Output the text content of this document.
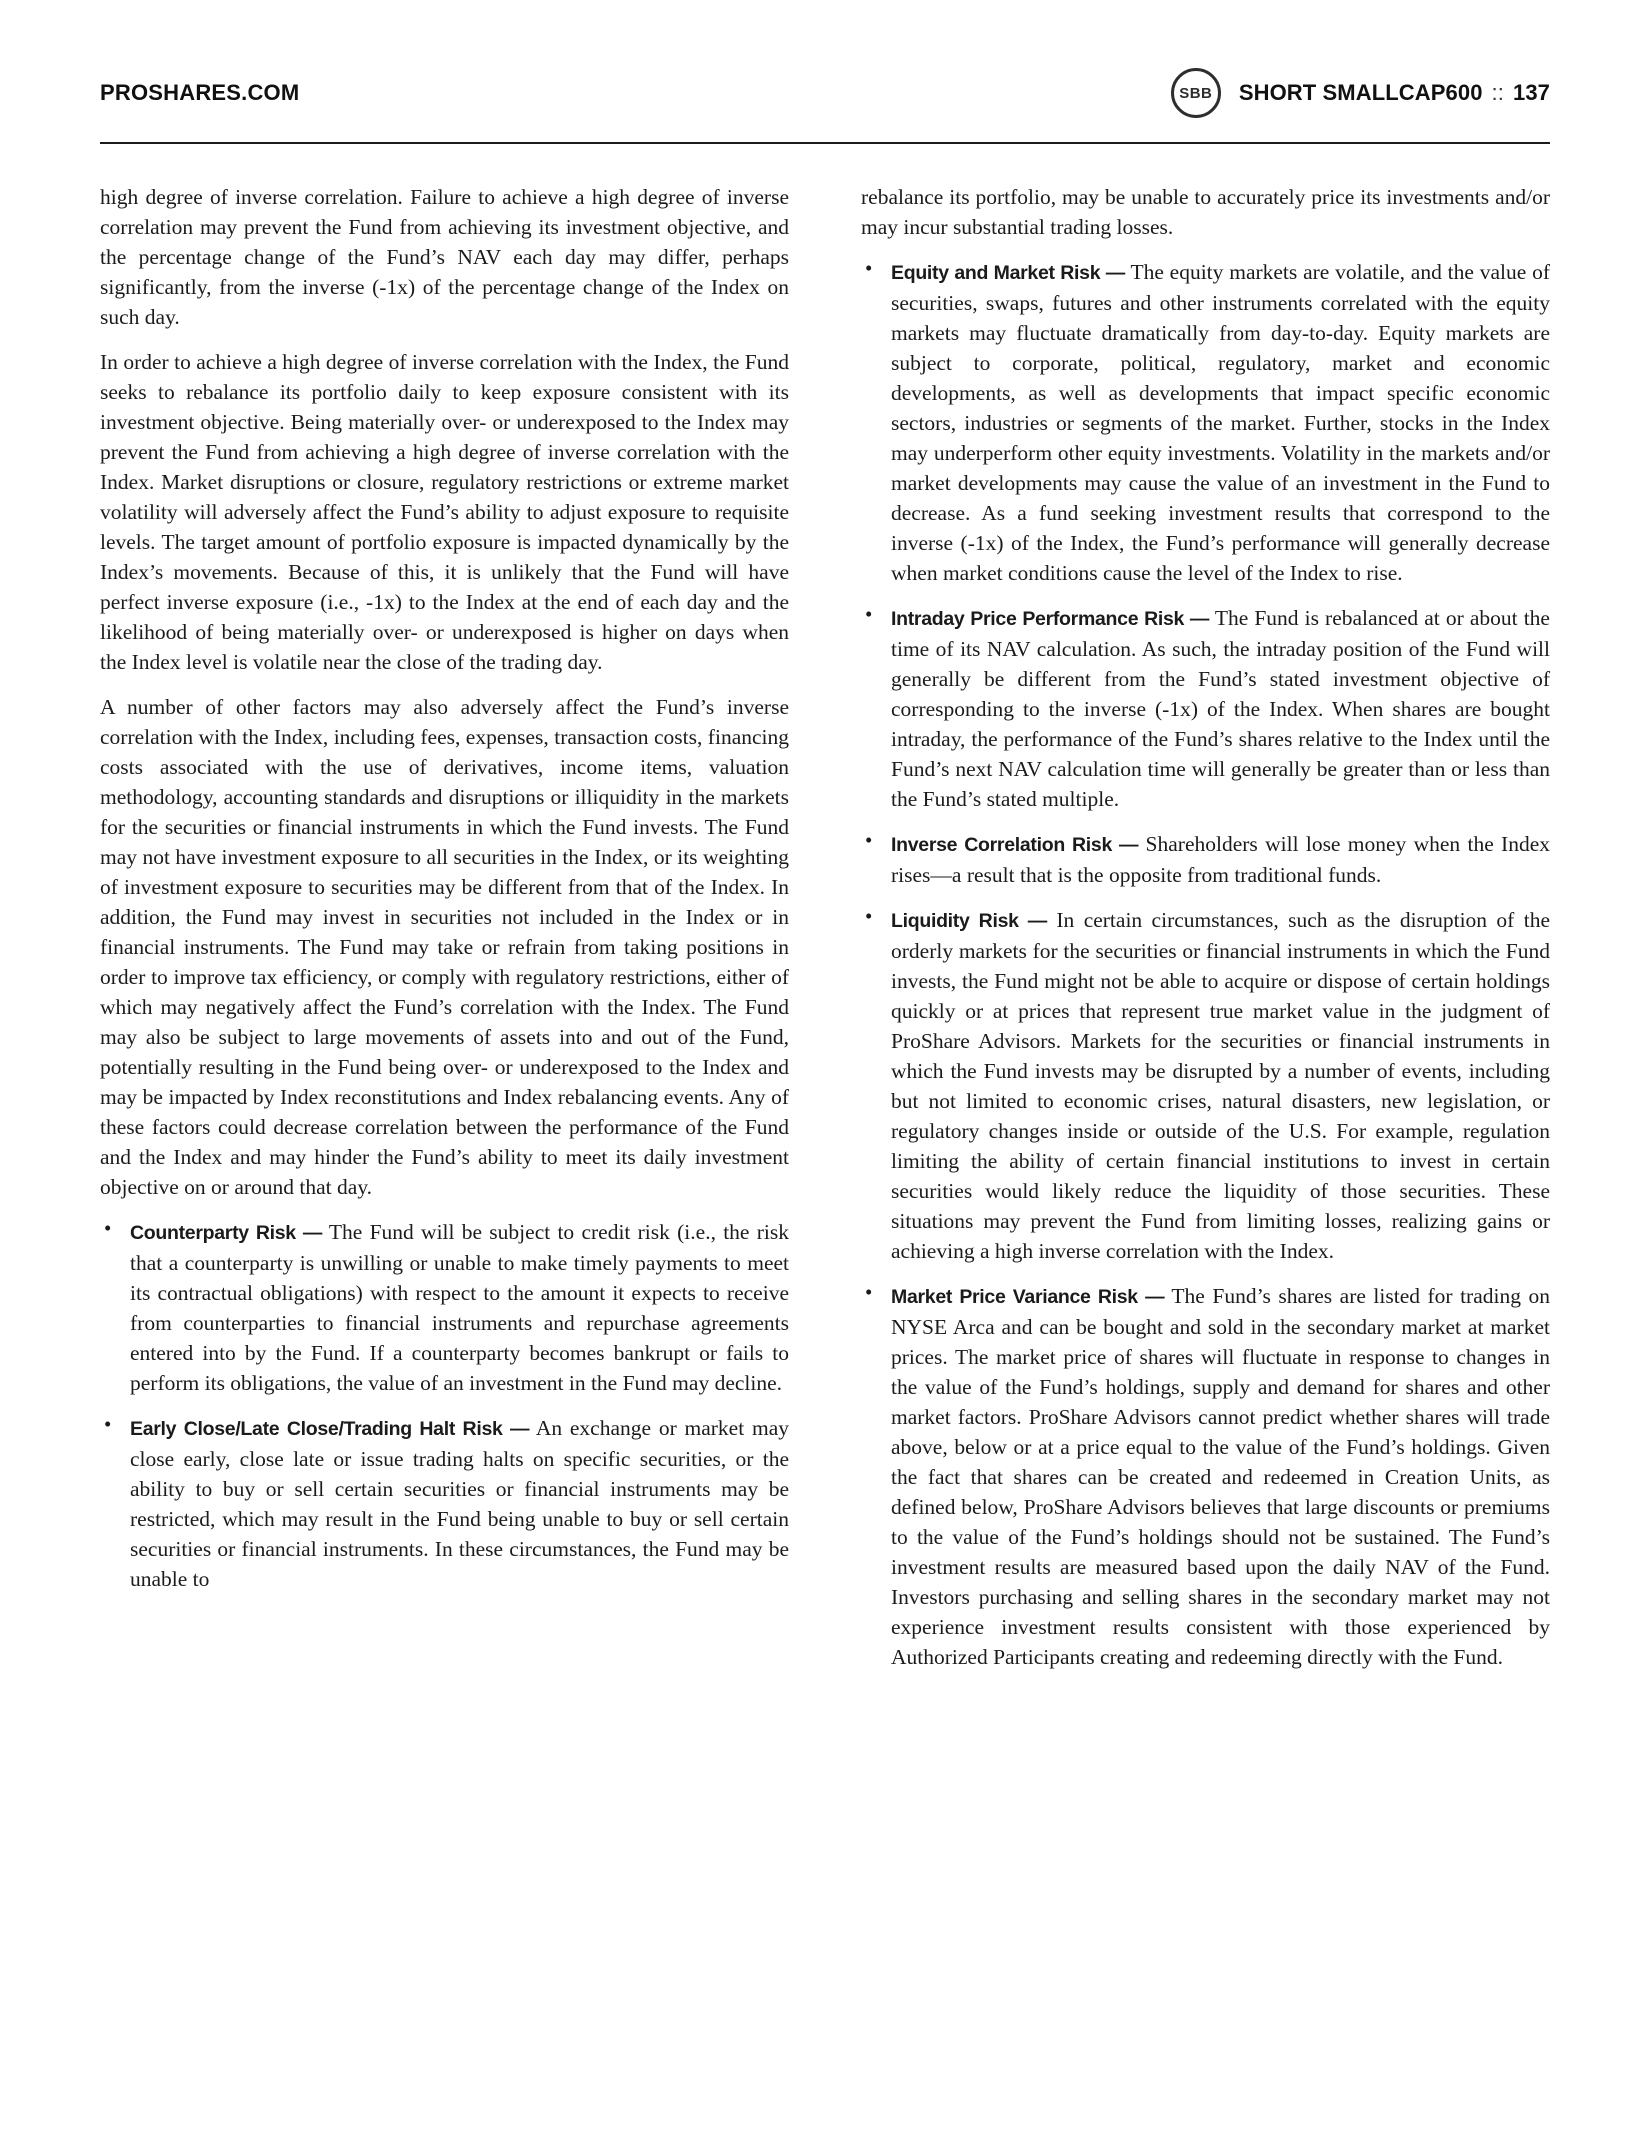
PROSHARES.COM	SBB SHORT SMALLCAP600 :: 137

high degree of inverse correlation. Failure to achieve a high degree of inverse correlation may prevent the Fund from achieving its investment objective, and the percentage change of the Fund’s NAV each day may differ, perhaps significantly, from the inverse (-1x) of the percentage change of the Index on such day.

In order to achieve a high degree of inverse correlation with the Index, the Fund seeks to rebalance its portfolio daily to keep exposure consistent with its investment objective. Being materially over- or underexposed to the Index may prevent the Fund from achieving a high degree of inverse correlation with the Index. Market disruptions or closure, regulatory restrictions or extreme market volatility will adversely affect the Fund’s ability to adjust exposure to requisite levels. The target amount of portfolio exposure is impacted dynamically by the Index’s movements. Because of this, it is unlikely that the Fund will have perfect inverse exposure (i.e., -1x) to the Index at the end of each day and the likelihood of being materially over- or underexposed is higher on days when the Index level is volatile near the close of the trading day.

A number of other factors may also adversely affect the Fund’s inverse correlation with the Index, including fees, expenses, transaction costs, financing costs associated with the use of derivatives, income items, valuation methodology, accounting standards and disruptions or illiquidity in the markets for the securities or financial instruments in which the Fund invests. The Fund may not have investment exposure to all securities in the Index, or its weighting of investment exposure to securities may be different from that of the Index. In addition, the Fund may invest in securities not included in the Index or in financial instruments. The Fund may take or refrain from taking positions in order to improve tax efficiency, or comply with regulatory restrictions, either of which may negatively affect the Fund’s correlation with the Index. The Fund may also be subject to large movements of assets into and out of the Fund, potentially resulting in the Fund being over- or underexposed to the Index and may be impacted by Index reconstitutions and Index rebalancing events. Any of these factors could decrease correlation between the performance of the Fund and the Index and may hinder the Fund’s ability to meet its daily investment objective on or around that day.

• Counterparty Risk — The Fund will be subject to credit risk (i.e., the risk that a counterparty is unwilling or unable to make timely payments to meet its contractual obligations) with respect to the amount it expects to receive from counterparties to financial instruments and repurchase agreements entered into by the Fund. If a counterparty becomes bankrupt or fails to perform its obligations, the value of an investment in the Fund may decline.

• Early Close/Late Close/Trading Halt Risk — An exchange or market may close early, close late or issue trading halts on specific securities, or the ability to buy or sell certain securities or financial instruments may be restricted, which may result in the Fund being unable to buy or sell certain securities or financial instruments. In these circumstances, the Fund may be unable to

rebalance its portfolio, may be unable to accurately price its investments and/or may incur substantial trading losses.

• Equity and Market Risk — The equity markets are volatile, and the value of securities, swaps, futures and other instruments correlated with the equity markets may fluctuate dramatically from day-to-day. Equity markets are subject to corporate, political, regulatory, market and economic developments, as well as developments that impact specific economic sectors, industries or segments of the market. Further, stocks in the Index may underperform other equity investments. Volatility in the markets and/or market developments may cause the value of an investment in the Fund to decrease. As a fund seeking investment results that correspond to the inverse (-1x) of the Index, the Fund’s performance will generally decrease when market conditions cause the level of the Index to rise.

• Intraday Price Performance Risk — The Fund is rebalanced at or about the time of its NAV calculation. As such, the intraday position of the Fund will generally be different from the Fund’s stated investment objective of corresponding to the inverse (-1x) of the Index. When shares are bought intraday, the performance of the Fund’s shares relative to the Index until the Fund’s next NAV calculation time will generally be greater than or less than the Fund’s stated multiple.

• Inverse Correlation Risk — Shareholders will lose money when the Index rises—a result that is the opposite from traditional funds.

• Liquidity Risk — In certain circumstances, such as the disruption of the orderly markets for the securities or financial instruments in which the Fund invests, the Fund might not be able to acquire or dispose of certain holdings quickly or at prices that represent true market value in the judgment of ProShare Advisors. Markets for the securities or financial instruments in which the Fund invests may be disrupted by a number of events, including but not limited to economic crises, natural disasters, new legislation, or regulatory changes inside or outside of the U.S. For example, regulation limiting the ability of certain financial institutions to invest in certain securities would likely reduce the liquidity of those securities. These situations may prevent the Fund from limiting losses, realizing gains or achieving a high inverse correlation with the Index.

• Market Price Variance Risk — The Fund’s shares are listed for trading on NYSE Arca and can be bought and sold in the secondary market at market prices. The market price of shares will fluctuate in response to changes in the value of the Fund’s holdings, supply and demand for shares and other market factors. ProShare Advisors cannot predict whether shares will trade above, below or at a price equal to the value of the Fund’s holdings. Given the fact that shares can be created and redeemed in Creation Units, as defined below, ProShare Advisors believes that large discounts or premiums to the value of the Fund’s holdings should not be sustained. The Fund’s investment results are measured based upon the daily NAV of the Fund. Investors purchasing and selling shares in the secondary market may not experience investment results consistent with those experienced by Authorized Participants creating and redeeming directly with the Fund.
